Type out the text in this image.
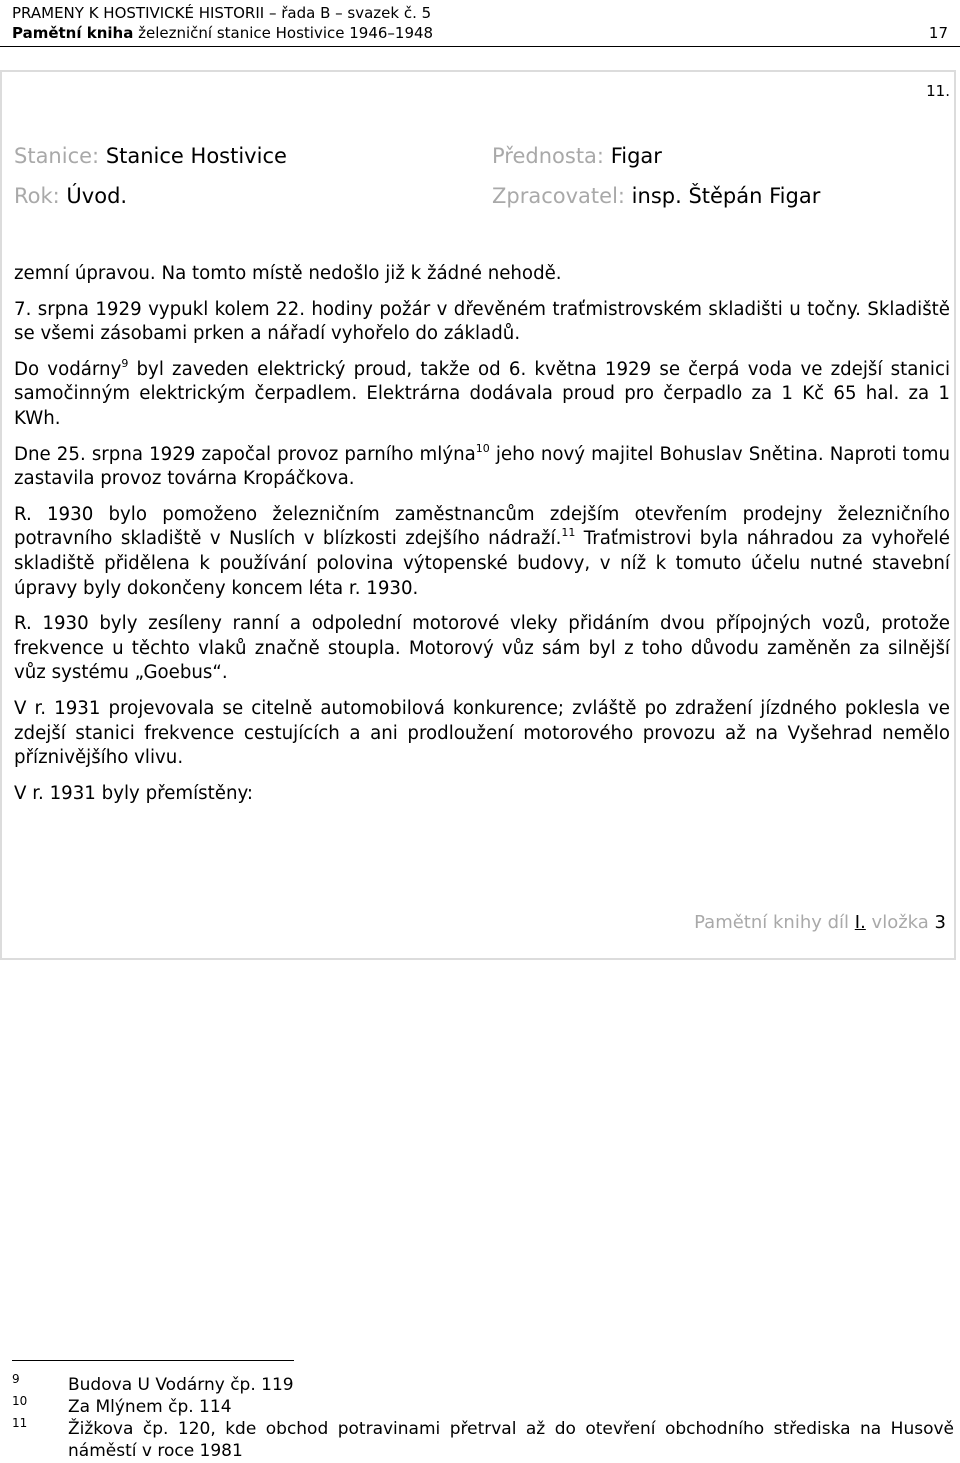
PRAMENY K HOSTIVICKÉ HISTORII – řada B – svazek č. 5
Pamětní kniha železniční stanice Hostivice 1946–1948	17
11.
Stanice: Stanice Hostivice
Rok: Úvod.
Přednosta: Figar
Zpracovatel: insp. Štěpán Figar

zemní úpravou. Na tomto místě nedošlo již k žádné nehodě.

7. srpna 1929 vypukl kolem 22. hodiny požár v dřevěném traťmistrovském skladišti u točny. Skladiště se všemi zásobami prken a nářadí vyhořelo do základů.

Do vodárny$^9$ byl zaveden elektrický proud, takže od 6. května 1929 se čerpá voda ve zdejší stanici samočinným elektrickým čerpadlem. Elektrárna dodávala proud pro čerpadlo za 1 Kč 65 hal. za 1 KWh.

Dne 25. srpna 1929 započal provoz parního mlýna$^{10}$ jeho nový majitel Bohuslav Snětina. Naproti tomu zastavila provoz továrna Kropáčkova.

R. 1930 bylo pomoženo železničním zaměstnancům zdejším otevřením prodejny železničního potravního skladiště v Nuslích v blízkosti zdejšího nádraží.$^{11}$ Traťmistrovi byla náhradou za vyhořelé skladiště přidělena k používání polovina výtopenské budovy, v níž k tomuto účelu nutné stavební úpravy byly dokončeny koncem léta r. 1930.

R. 1930 byly zesíleny ranní a odpolední motorové vleky přidáním dvou přípojných vozů, protože frekvence u těchto vlaků značně stoupla. Motorový vůz sám byl z toho důvodu zaměněn za silnější vůz systému „Goebus“.

V r. 1931 projevovala se citelně automobilová konkurence; zvláště po zdražení jízdného poklesla ve zdejší stanici frekvence cestujících a ani prodloužení motorového provozu až na Vyšehrad nemělo příznivějšího vlivu.

V r. 1931 byly přemístěny:

Pamětní knihy díl I. vložka 3
9	Budova U Vodárny čp. 119
10 Za Mlýnem čp. 114
11 Žižkova čp. 120, kde obchod potravinami přetrval až do otevření obchodního střediska na Husově náměstí v roce 1981
